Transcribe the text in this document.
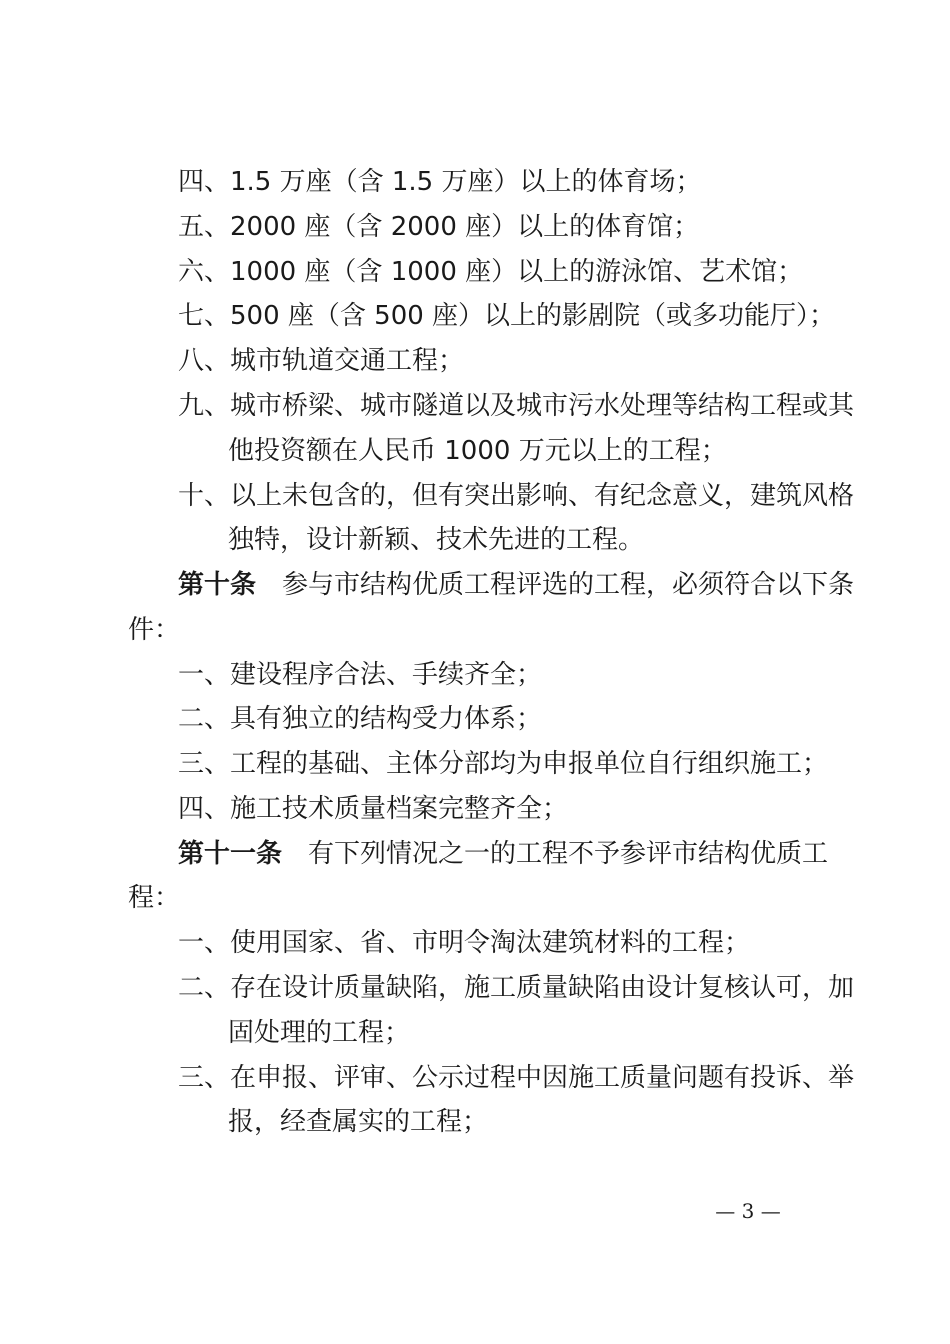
四、1.5 万座（含 1.5 万座）以上的体育场；
五、2000 座（含 2000 座）以上的体育馆；
六、1000 座（含 1000 座）以上的游泳馆、艺术馆；
七、500 座（含 500 座）以上的影剧院（或多功能厅）；
八、城市轨道交通工程；
九、城市桥梁、城市隧道以及城市污水处理等结构工程或其
他投资额在人民币 1000 万元以上的工程；
十、以上未包含的，但有突出影响、有纪念意义，建筑风格
独特，设计新颖、技术先进的工程。
第十条 参与市结构优质工程评选的工程，必须符合以下条
件：
一、建设程序合法、手续齐全；
二、具有独立的结构受力体系；
三、工程的基础、主体分部均为申报单位自行组织施工；
四、施工技术质量档案完整齐全；
第十一条 有下列情况之一的工程不予参评市结构优质工
程：
一、使用国家、省、市明令淘汰建筑材料的工程；
二、存在设计质量缺陷，施工质量缺陷由设计复核认可，加
固处理的工程；
三、在申报、评审、公示过程中因施工质量问题有投诉、举
报，经查属实的工程；
— 3 —
